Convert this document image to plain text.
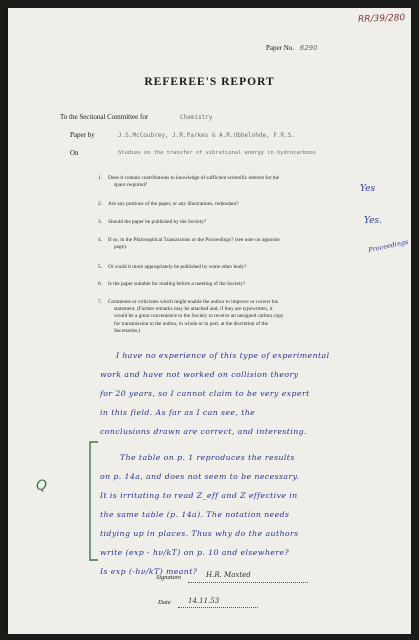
RR/39/280
Paper No. 6290
REFEREE'S REPORT
To the Sectional Committee for	Chemistry
Paper by	J.S.McCoubrey, J.R.Parkes & A.R.Ubbelohde, F.R.S.
On	Studies on the transfer of vibrational energy in hydrocarbons
1. Does it contain contributions to knowledge of sufficient scientific interest for the
space required?	Yes
2. Are any portions of the paper, or any illustrations, redundant?
3. Should the paper be published by the Society?	Yes.
4. If so, in the Philosophical Transactions or the Proceedings? (see note on opposite
page).	Proceedings
5. Or could it more appropriately be published by some other body?
6. Is the paper suitable for reading before a meeting of the Society?
7. Comments or criticisms which might enable the author to improve or correct his
statement. (Further remarks may be attached and, if they are typewritten, it
would be a great convenience to the Society to receive an unsigned carbon copy
for transmission to the author, in whole or in part, at the discretion of the
Secretaries.)
I have no experience of this type of experimental
work and have not worked on collision theory
for 20 years, so I cannot claim to be very expert
in this field. As far as I can see, the
conclusions drawn are correct, and interesting.
Q
The table on p. 1 reproduces the results
on p. 14a, and does not seem to be necessary.
It is irritating to read Z_eff and Z effective in
the same table (p. 14a). The notation needs
tidying up in places. Thus why do the authors
write (exp - hν/kT) on p. 10 and elsewhere?
Is exp (-hν/kT) meant?
Signature	H.R. Maxted
Date 14.11.53
